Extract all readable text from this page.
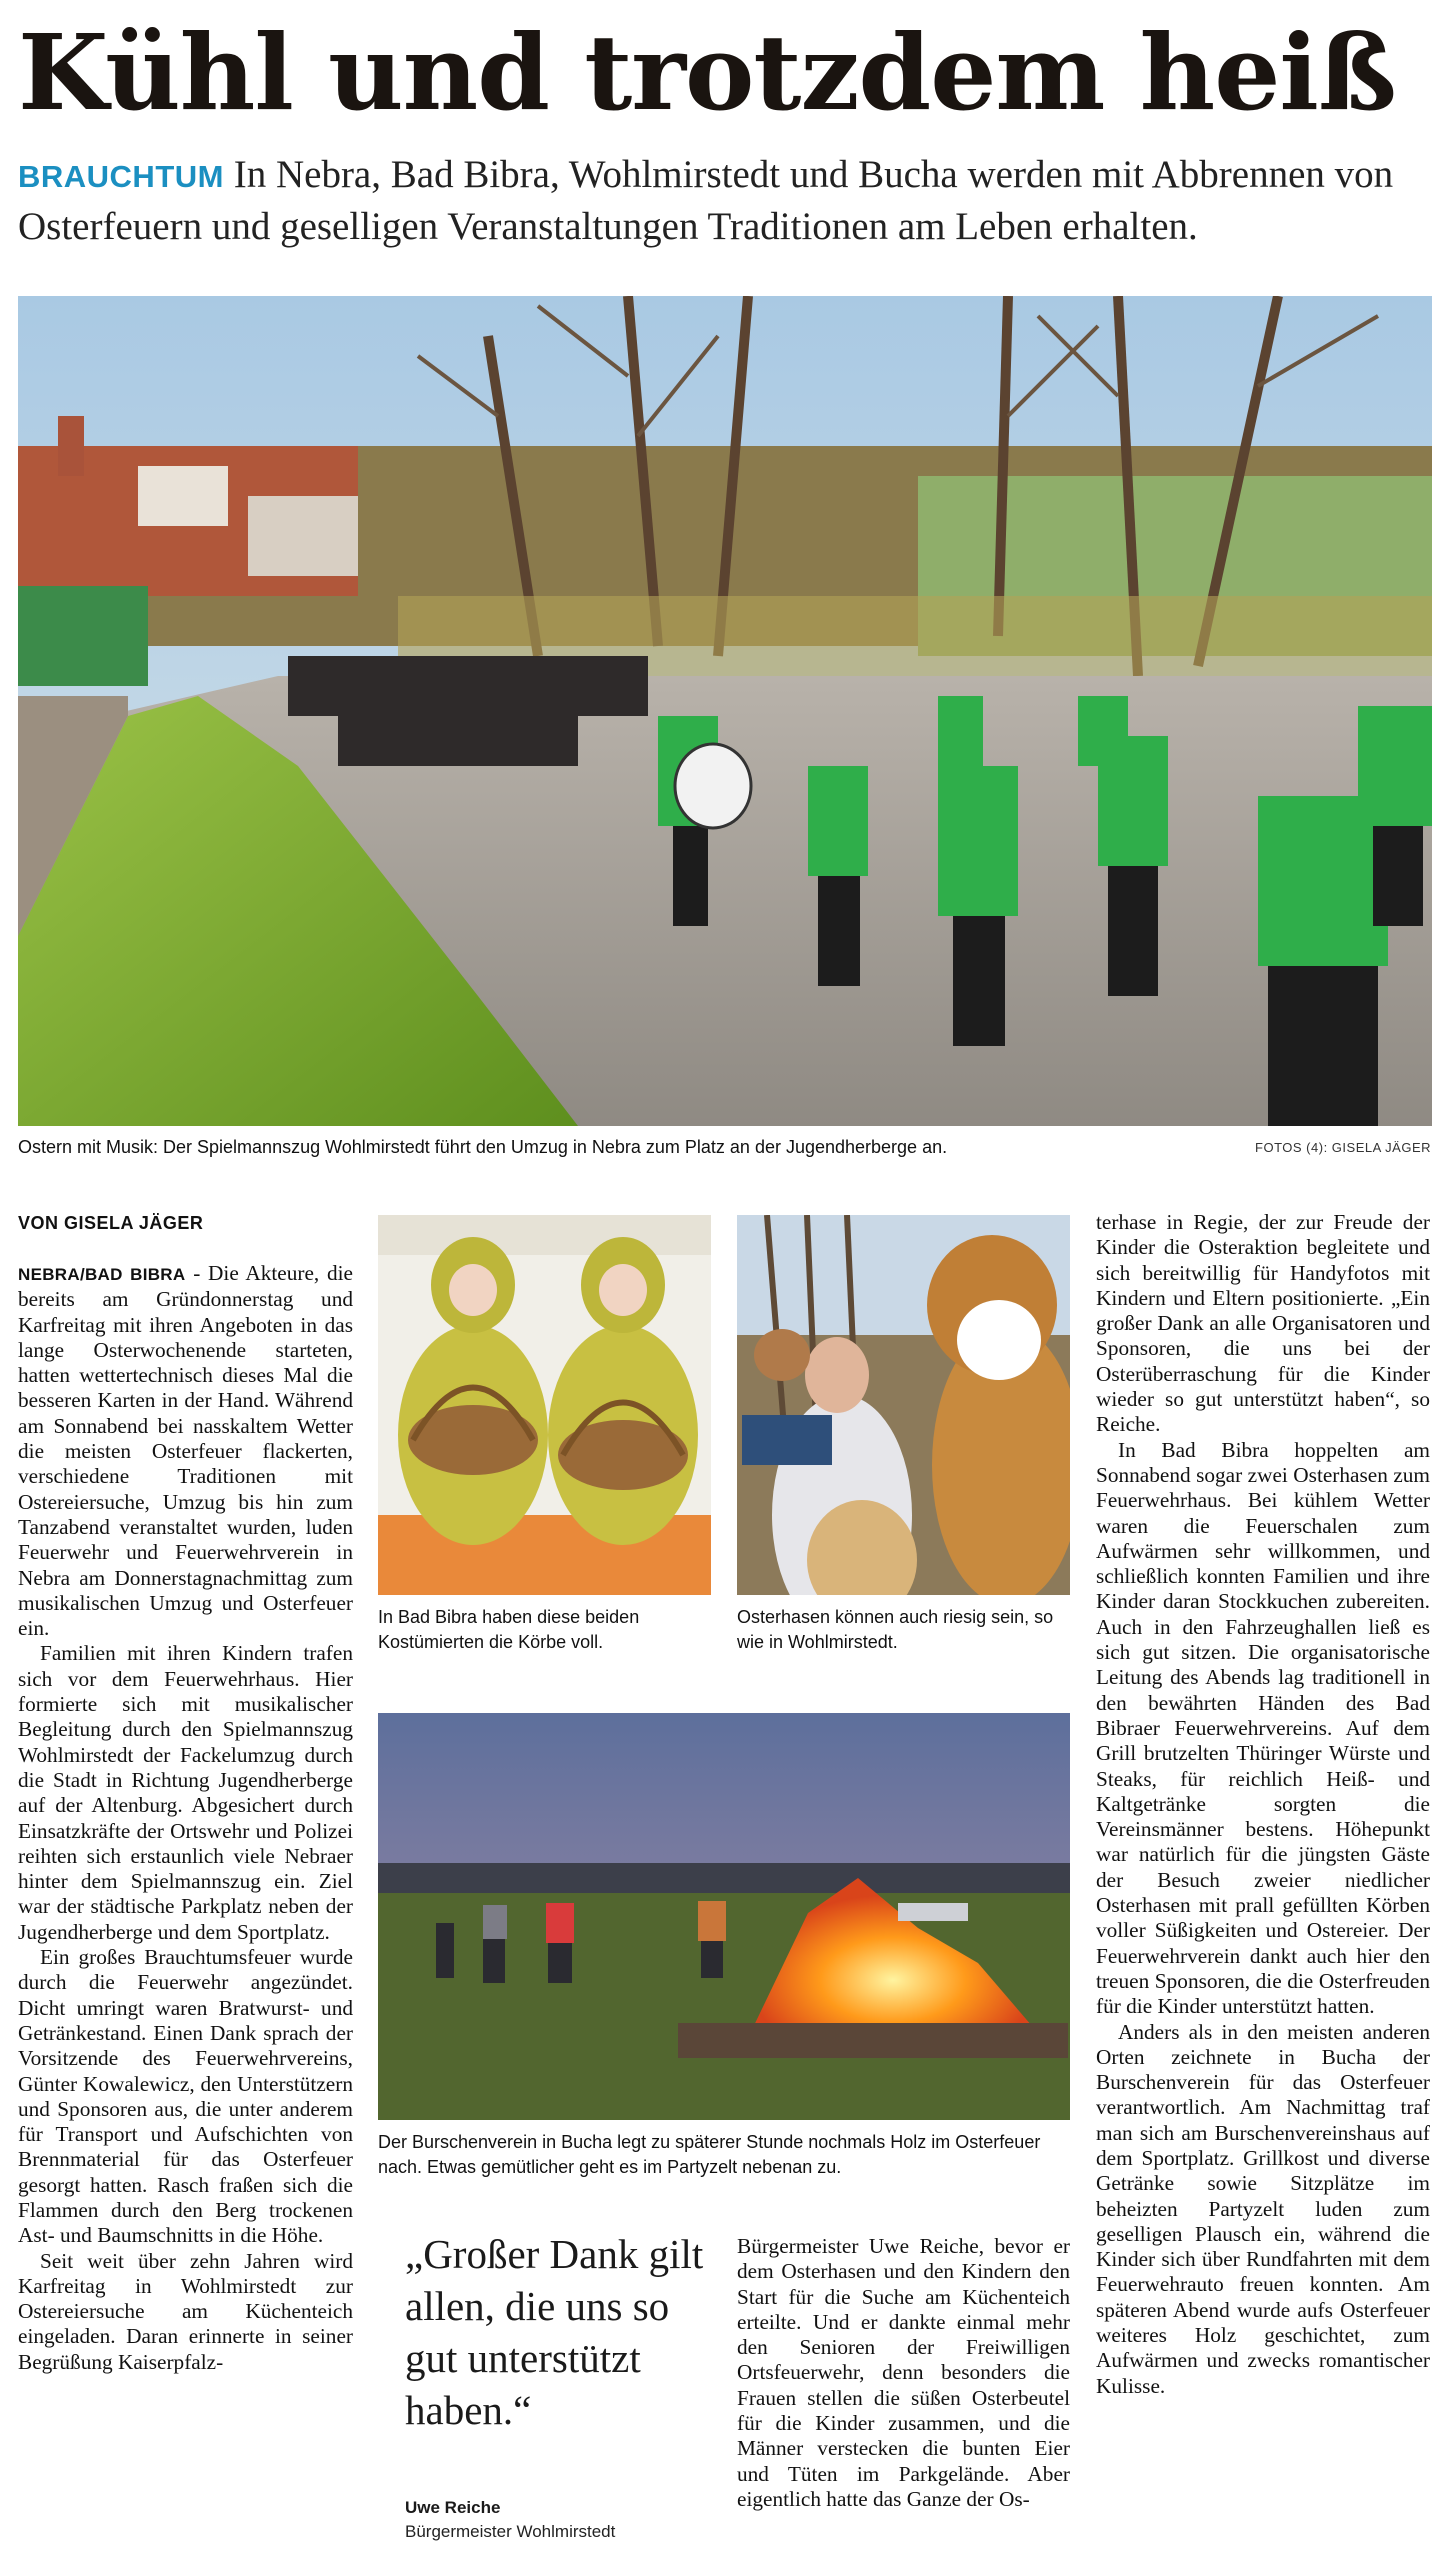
Kühl und trotzdem heiß
BRAUCHTUM In Nebra, Bad Bibra, Wohlmirstedt und Bucha werden mit Abbrennen von Osterfeuern und geselligen Veranstaltungen Traditionen am Leben erhalten.
Ostern mit Musik: Der Spielmannszug Wohlmirstedt führt den Umzug in Nebra zum Platz an der Jugendherberge an.	FOTOS (4): GISELA JÄGER
VON GISELA JÄGER

NEBRA/BAD BIBRA - Die Akteure, die bereits am Gründonnerstag und Karfreitag mit ihren Angeboten in das lange Osterwochenende starteten, hatten wettertechnisch dieses Mal die besseren Karten in der Hand. Während am Sonnabend bei nasskaltem Wetter die meisten Osterfeuer flackerten, verschiedene Traditionen mit Ostereiersuche, Umzug bis hin zum Tanzabend veranstaltet wurden, luden Feuerwehr und Feuerwehrverein in Nebra am Donnerstagnachmittag zum musikalischen Umzug und Osterfeuer ein.

Familien mit ihren Kindern trafen sich vor dem Feuerwehrhaus. Hier formierte sich mit musikalischer Begleitung durch den Spielmannszug Wohlmirstedt der Fackelumzug durch die Stadt in Richtung Jugendherberge auf der Altenburg. Abgesichert durch Einsatzkräfte der Ortswehr und Polizei reihten sich erstaunlich viele Nebraer hinter dem Spielmannszug ein. Ziel war der städtische Parkplatz neben der Jugendherberge und dem Sportplatz.

Ein großes Brauchtumsfeuer wurde durch die Feuerwehr angezündet. Dicht umringt waren Bratwurst- und Getränkestand. Einen Dank sprach der Vorsitzende des Feuerwehrvereins, Günter Kowalewicz, den Unterstützern und Sponsoren aus, die unter anderem für Transport und Aufschichten von Brennmaterial für das Osterfeuer gesorgt hatten. Rasch fraßen sich die Flammen durch den Berg trockenen Ast- und Baumschnitts in die Höhe.

Seit weit über zehn Jahren wird Karfreitag in Wohlmirstedt zur Ostereiersuche am Küchenteich eingeladen. Daran erinnerte in seiner Begrüßung Kaiserpfalz-

In Bad Bibra haben diese beiden Kostümierten die Körbe voll.
Osterhasen können auch riesig sein, so wie in Wohlmirstedt.
Der Burschenverein in Bucha legt zu späterer Stunde nochmals Holz im Osterfeuer nach. Etwas gemütlicher geht es im Partyzelt nebenan zu.
„Großer Dank gilt allen, die uns so gut unterstützt haben.“
Uwe Reiche
Bürgermeister Wohlmirstedt

Bürgermeister Uwe Reiche, bevor er dem Osterhasen und den Kindern den Start für die Suche am Küchenteich erteilte. Und er dankte einmal mehr den Senioren der Freiwilligen Ortsfeuerwehr, denn besonders die Frauen stellen die süßen Osterbeutel für die Kinder zusammen, und die Männer verstecken die bunten Eier und Tüten im Parkgelände. Aber eigentlich hatte das Ganze der Os-

terhase in Regie, der zur Freude der Kinder die Osteraktion begleitete und sich bereitwillig für Handyfotos mit Kindern und Eltern positionierte. „Ein großer Dank an alle Organisatoren und Sponsoren, die uns bei der Osterüberraschung für die Kinder wieder so gut unterstützt haben“, so Reiche.

In Bad Bibra hoppelten am Sonnabend sogar zwei Osterhasen zum Feuerwehrhaus. Bei kühlem Wetter waren die Feuerschalen zum Aufwärmen sehr willkommen, und schließlich konnten Familien und ihre Kinder daran Stockkuchen zubereiten. Auch in den Fahrzeughallen ließ es sich gut sitzen. Die organisatorische Leitung des Abends lag traditionell in den bewährten Händen des Bad Bibraer Feuerwehrvereins. Auf dem Grill brutzelten Thüringer Würste und Steaks, für reichlich Heiß- und Kaltgetränke sorgten die Vereinsmänner bestens. Höhepunkt war natürlich für die jüngsten Gäste der Besuch zweier niedlicher Osterhasen mit prall gefüllten Körben voller Süßigkeiten und Ostereier. Der Feuerwehrverein dankt auch hier den treuen Sponsoren, die die Osterfreuden für die Kinder unterstützt hatten.

Anders als in den meisten anderen Orten zeichnete in Bucha der Burschenverein für das Osterfeuer verantwortlich. Am Nachmittag traf man sich am Burschenvereinshaus auf dem Sportplatz. Grillkost und diverse Getränke sowie Sitzplätze im beheizten Partyzelt luden zum geselligen Plausch ein, während die Kinder sich über Rundfahrten mit dem Feuerwehrauto freuen konnten. Am späteren Abend wurde aufs Osterfeuer weiteres Holz geschichtet, zum Aufwärmen und zwecks romantischer Kulisse.
